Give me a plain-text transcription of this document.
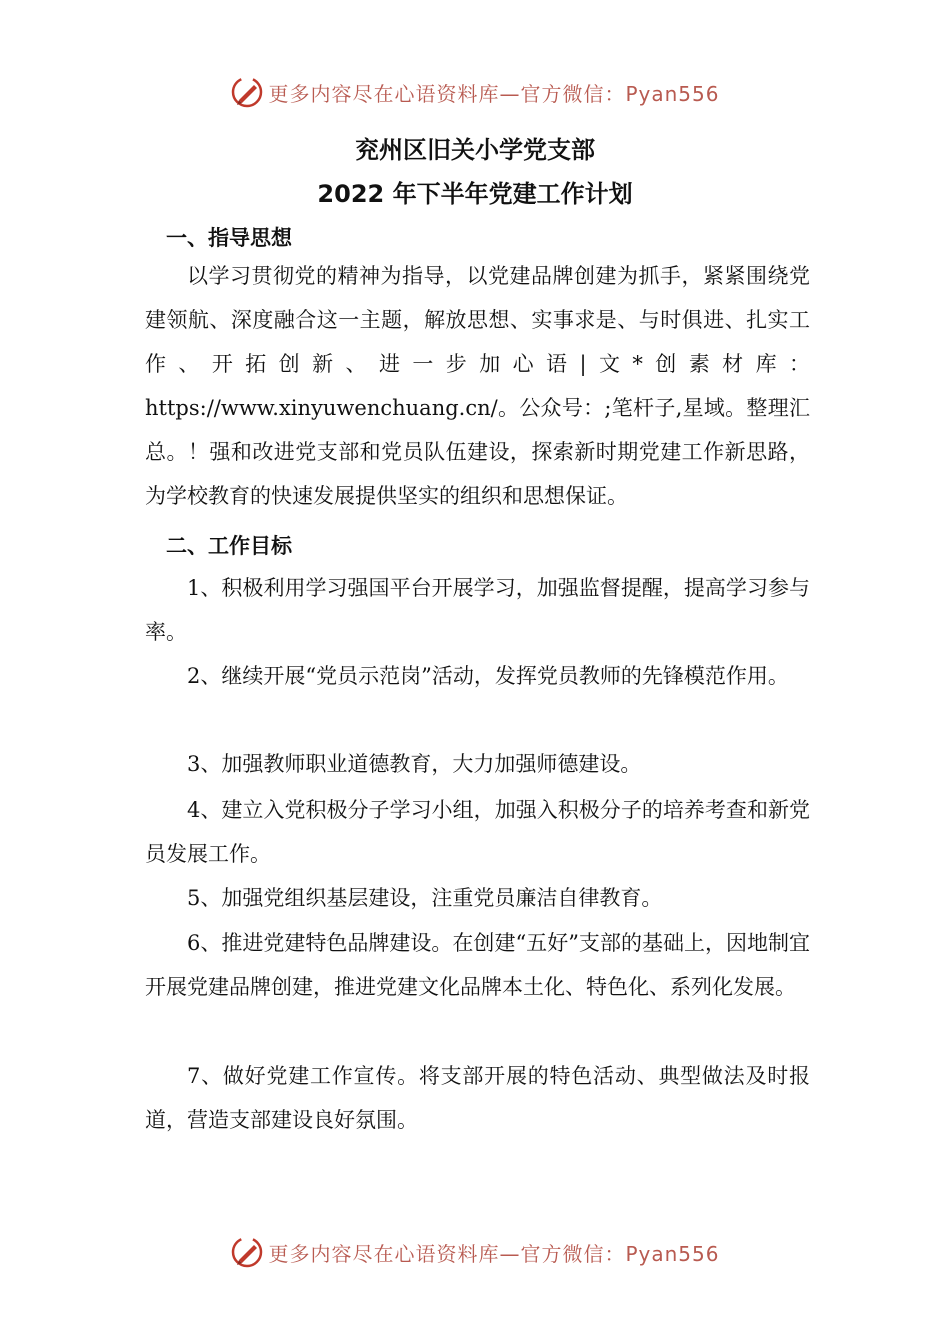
更多内容尽在心语资料库—官方微信：Pyan556
兖州区旧关小学党支部
2022 年下半年党建工作计划
一、指导思想

以学习贯彻党的精神为指导，以党建品牌创建为抓手，紧紧围绕党建领航、深度融合这一主题，解放思想、实事求是、与时俱进、扎实工作、开拓创新、进一步加心语|文*创素材库：https://www.xinyuwenchuang.cn/。公众号：;笔杆子,星域。整理汇总。！强和改进党支部和党员队伍建设，探索新时期党建工作新思路，为学校教育的快速发展提供坚实的组织和思想保证。

二、工作目标

1、积极利用学习强国平台开展学习，加强监督提醒，提高学习参与率。

2、继续开展“党员示范岗”活动，发挥党员教师的先锋模范作用。

3、加强教师职业道德教育，大力加强师德建设。

4、建立入党积极分子学习小组，加强入积极分子的培养考查和新党员发展工作。

5、加强党组织基层建设，注重党员廉洁自律教育。

6、推进党建特色品牌建设。在创建“五好”支部的基础上，因地制宜开展党建品牌创建，推进党建文化品牌本土化、特色化、系列化发展。

7、做好党建工作宣传。将支部开展的特色活动、典型做法及时报道，营造支部建设良好氛围。

更多内容尽在心语资料库—官方微信：Pyan556
